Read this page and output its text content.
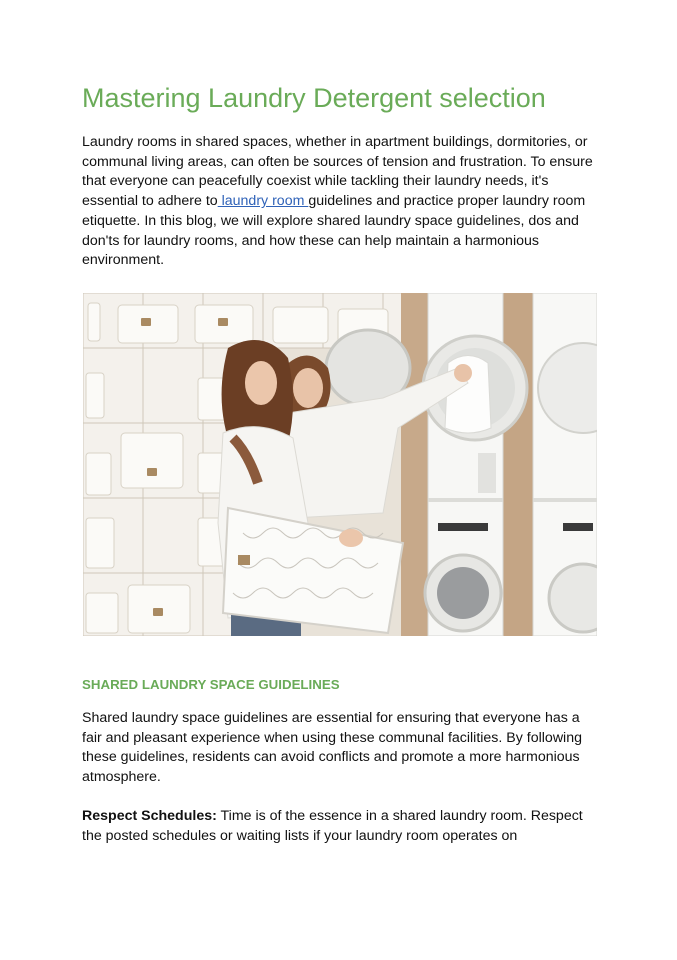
Mastering Laundry Detergent selection

Laundry rooms in shared spaces, whether in apartment buildings, dormitories, or communal living areas, can often be sources of tension and frustration. To ensure that everyone can peacefully coexist while tackling their laundry needs, it's essential to adhere to laundry room guidelines and practice proper laundry room etiquette. In this blog, we will explore shared laundry space guidelines, dos and don'ts for laundry rooms, and how these can help maintain a harmonious environment.

SHARED LAUNDRY SPACE GUIDELINES

Shared laundry space guidelines are essential for ensuring that everyone has a fair and pleasant experience when using these communal facilities. By following these guidelines, residents can avoid conflicts and promote a more harmonious atmosphere.

Respect Schedules: Time is of the essence in a shared laundry room. Respect the posted schedules or waiting lists if your laundry room operates on
